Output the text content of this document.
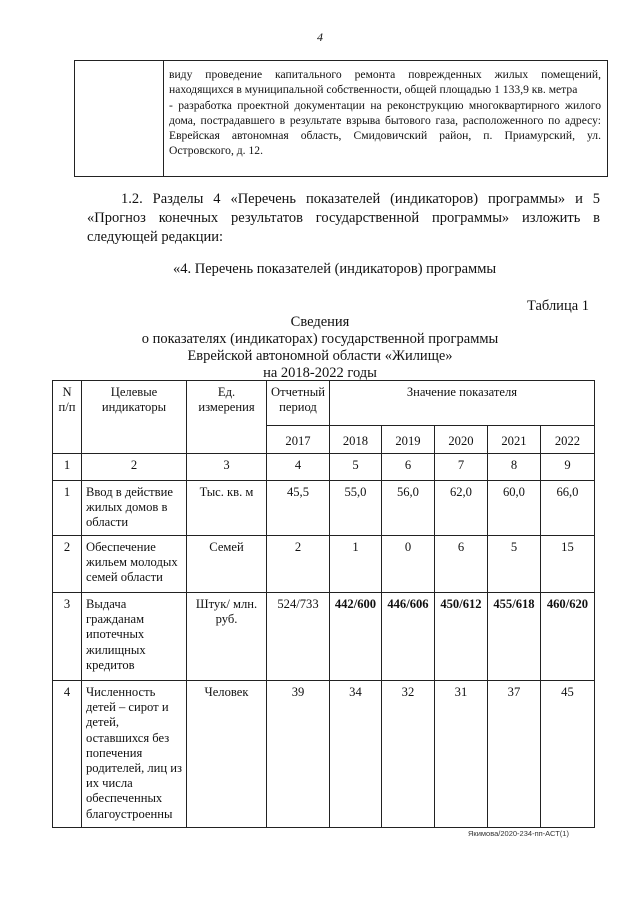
4

виду проведение капитального ремонта поврежденных жилых помещений, находящихся в муниципальной собственности, общей площадью 1 133,9 кв. метра

- разработка проектной документации на реконструкцию многоквартирного жилого дома, пострадавшего в результате взрыва бытового газа, расположенного по адресу: Еврейская автономная область, Смидовичский район, п. Приамурский, ул. Островского, д. 12.

1.2. Разделы 4 «Перечень показателей (индикаторов) программы» и 5 «Прогноз конечных результатов государственной программы» изложить в следующей редакции:
«4. Перечень показателей (индикаторов) программы
Таблица 1
Сведения
о показателях (индикаторах) государственной программы
Еврейской автономной области «Жилище»
на 2018-2022 годы
N п/п	Целевые индикаторы	Ед. измерения	Отчетный период	Значение показателя				
			2017	2018	2019	2020	2021	2022
1	2	3	4	5	6	7	8	9
1	Ввод в действие жилых домов в области	Тыс. кв. м	45,5	55,0	56,0	62,0	60,0	66,0
2	Обеспечение жильем молодых семей области	Семей	2	1	0	6	5	15
3	Выдача гражданам ипотечных жилищных кредитов	Штук/ млн. руб.	524/733	442/600	446/606	450/612	455/618	460/620
4	Численность детей – сирот и детей, оставшихся без попечения родителей, лиц из их числа обеспеченных благоустроенны	Человек	39	34	32	31	37	45
Якимова/2020-234-пп-АСТ(1)
